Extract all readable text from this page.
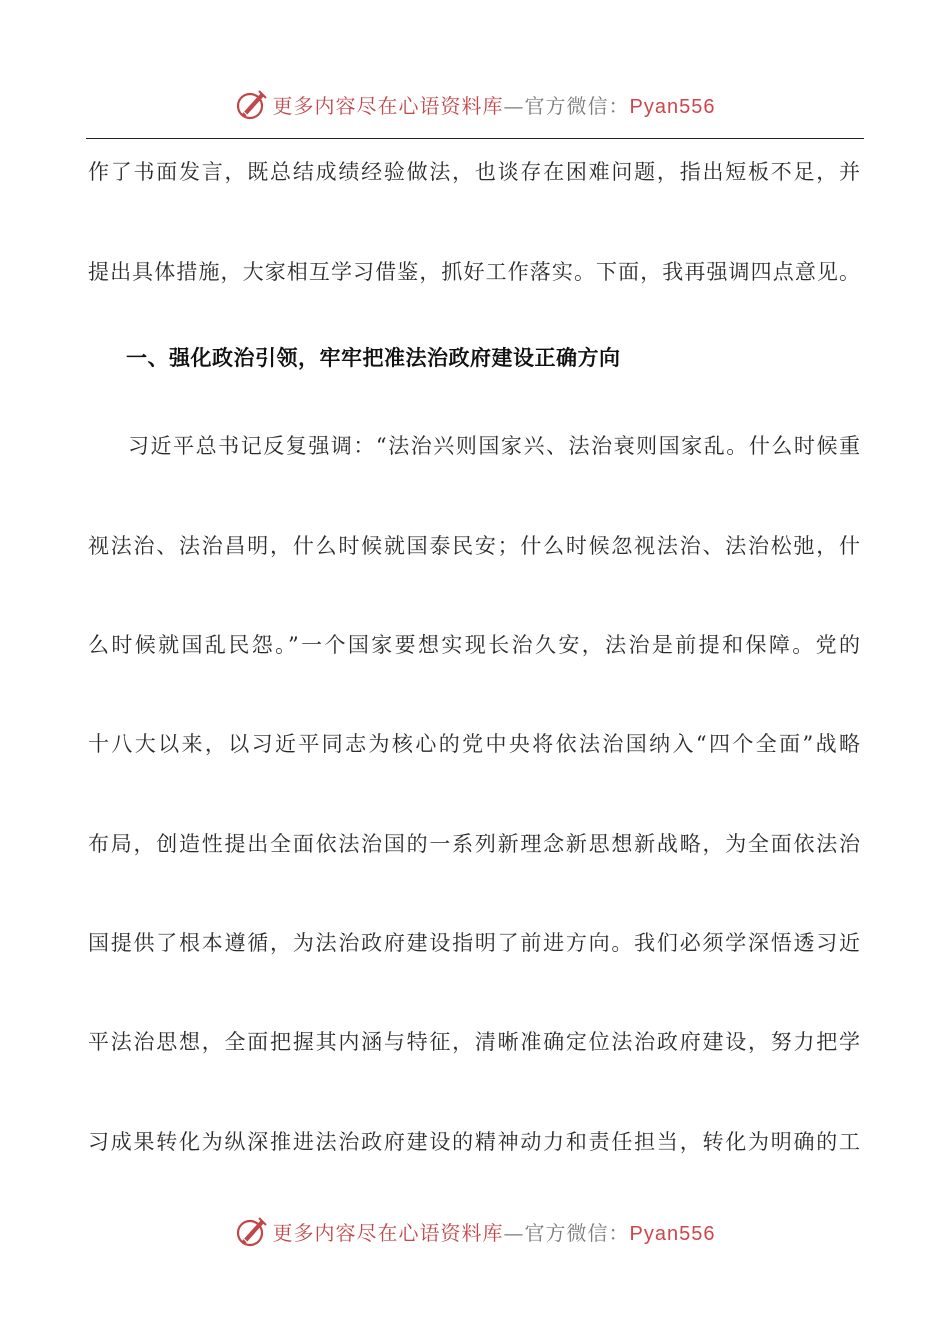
更多内容尽在心语资料库—官方微信：Pyan556
作了书面发言，既总结成绩经验做法，也谈存在困难问题，指出短板不足，并
提出具体措施，大家相互学习借鉴，抓好工作落实。下面，我再强调四点意见。
一、强化政治引领，牢牢把准法治政府建设正确方向
习近平总书记反复强调：“法治兴则国家兴、法治衰则国家乱。什么时候重
视法治、法治昌明，什么时候就国泰民安；什么时候忽视法治、法治松弛，什
么时候就国乱民怨。”一个国家要想实现长治久安，法治是前提和保障。党的
十八大以来，以习近平同志为核心的党中央将依法治国纳入“四个全面”战略
布局，创造性提出全面依法治国的一系列新理念新思想新战略，为全面依法治
国提供了根本遵循，为法治政府建设指明了前进方向。我们必须学深悟透习近
平法治思想，全面把握其内涵与特征，清晰准确定位法治政府建设，努力把学
习成果转化为纵深推进法治政府建设的精神动力和责任担当，转化为明确的工
更多内容尽在心语资料库—官方微信：Pyan556
